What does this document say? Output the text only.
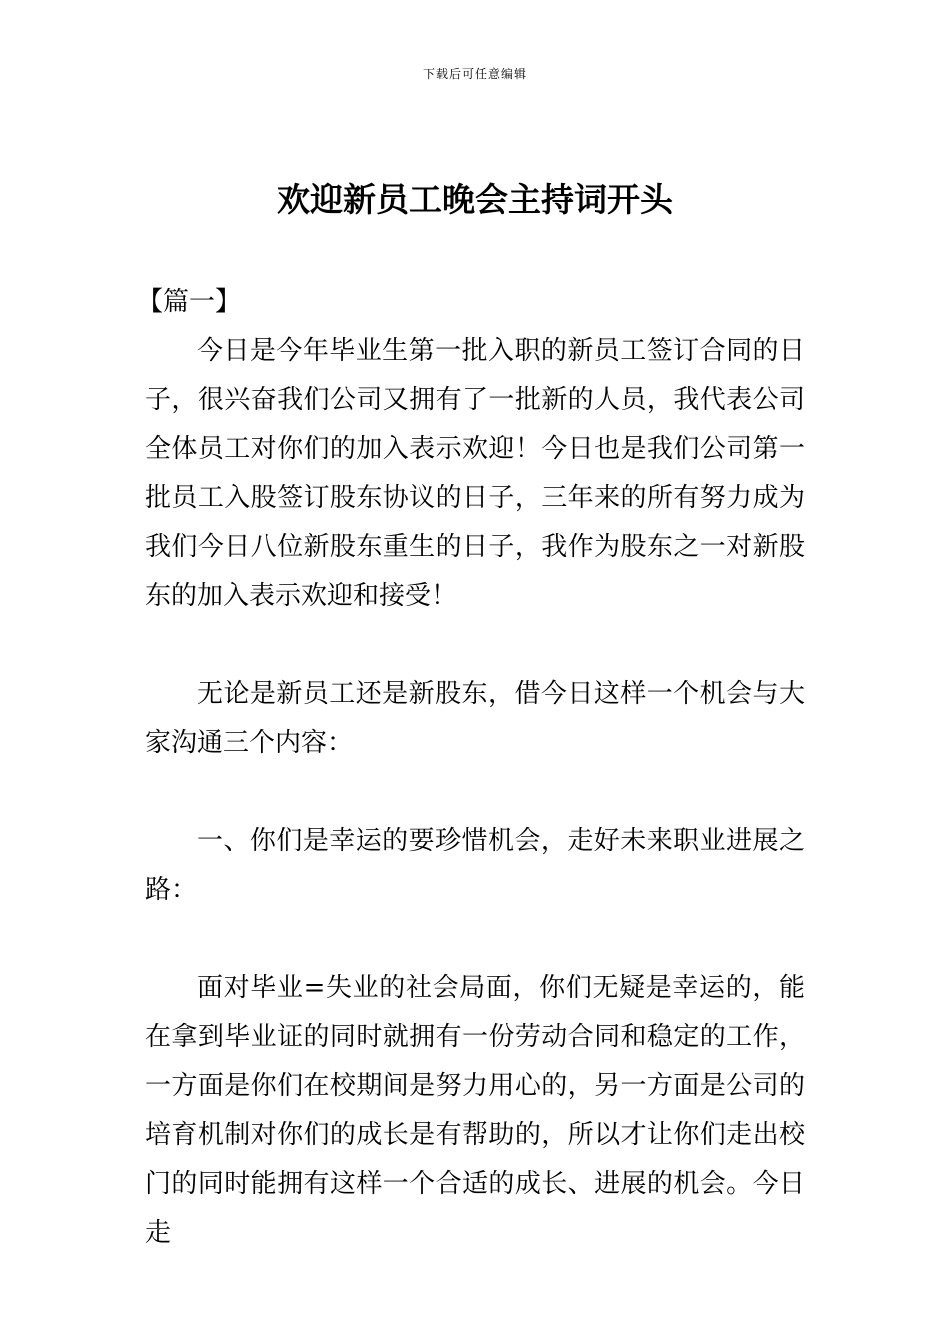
下载后可任意编辑
欢迎新员工晚会主持词开头

【篇一】

今日是今年毕业生第一批入职的新员工签订合同的日子，很兴奋我们公司又拥有了一批新的人员，我代表公司全体员工对你们的加入表示欢迎！今日也是我们公司第一批员工入股签订股东协议的日子，三年来的所有努力成为我们今日八位新股东重生的日子，我作为股东之一对新股东的加入表示欢迎和接受！

无论是新员工还是新股东，借今日这样一个机会与大家沟通三个内容：

一、你们是幸运的要珍惜机会，走好未来职业进展之路：

面对毕业=失业的社会局面，你们无疑是幸运的，能在拿到毕业证的同时就拥有一份劳动合同和稳定的工作，一方面是你们在校期间是努力用心的，另一方面是公司的培育机制对你们的成长是有帮助的，所以才让你们走出校门的同时能拥有这样一个合适的成长、进展的机会。今日走
